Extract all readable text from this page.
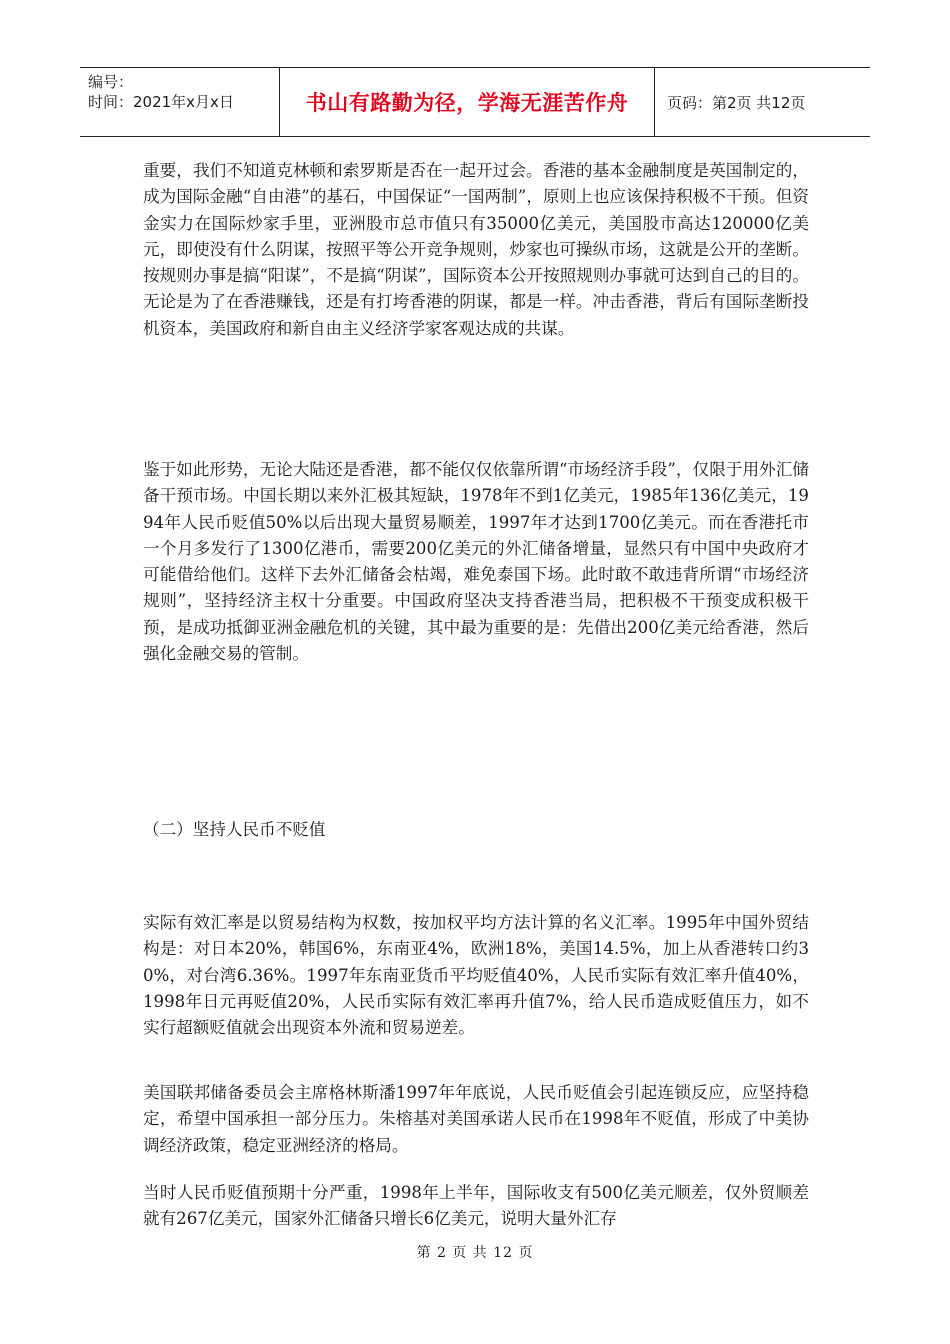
编号：
时间：2021年x月x日	书山有路勤为径，学海无涯苦作舟	页码：第2页 共12页

重要，我们不知道克林顿和索罗斯是否在一起开过会。香港的基本金融制度是英国制定的，成为国际金融“自由港”的基石，中国保证“一国两制”，原则上也应该保持积极不干预。但资金实力在国际炒家手里，亚洲股市总市值只有35000亿美元，美国股市高达120000亿美元，即使没有什么阴谋，按照平等公开竞争规则，炒家也可操纵市场，这就是公开的垄断。按规则办事是搞“阳谋”，不是搞“阴谋”，国际资本公开按照规则办事就可达到自己的目的。无论是为了在香港赚钱，还是有打垮香港的阴谋，都是一样。冲击香港，背后有国际垄断投机资本，美国政府和新自由主义经济学家客观达成的共谋。

鉴于如此形势，无论大陆还是香港，都不能仅仅依靠所谓“市场经济手段”，仅限于用外汇储备干预市场。中国长期以来外汇极其短缺，1978年不到1亿美元，1985年136亿美元，1994年人民币贬值50%以后出现大量贸易顺差，1997年才达到1700亿美元。而在香港托市一个月多发行了1300亿港币，需要200亿美元的外汇储备增量，显然只有中国中央政府才可能借给他们。这样下去外汇储备会枯竭，难免泰国下场。此时敢不敢违背所谓“市场经济规则”，坚持经济主权十分重要。中国政府坚决支持香港当局，把积极不干预变成积极干预，是成功抵御亚洲金融危机的关键，其中最为重要的是：先借出200亿美元给香港，然后强化金融交易的管制。

（二）坚持人民币不贬值

实际有效汇率是以贸易结构为权数，按加权平均方法计算的名义汇率。1995年中国外贸结构是：对日本20%，韩国6%，东南亚4%，欧洲18%，美国14.5%，加上从香港转口约30%，对台湾6.36%。1997年东南亚货币平均贬值40%，人民币实际有效汇率升值40%，1998年日元再贬值20%，人民币实际有效汇率再升值7%，给人民币造成贬值压力，如不实行超额贬值就会出现资本外流和贸易逆差。

美国联邦储备委员会主席格林斯潘1997年年底说，人民币贬值会引起连锁反应，应坚持稳定，希望中国承担一部分压力。朱榕基对美国承诺人民币在1998年不贬值，形成了中美协调经济政策，稳定亚洲经济的格局。

当时人民币贬值预期十分严重，1998年上半年，国际收支有500亿美元顺差，仅外贸顺差就有267亿美元，国家外汇储备只增长6亿美元，说明大量外汇存

第 2 页 共 12 页
